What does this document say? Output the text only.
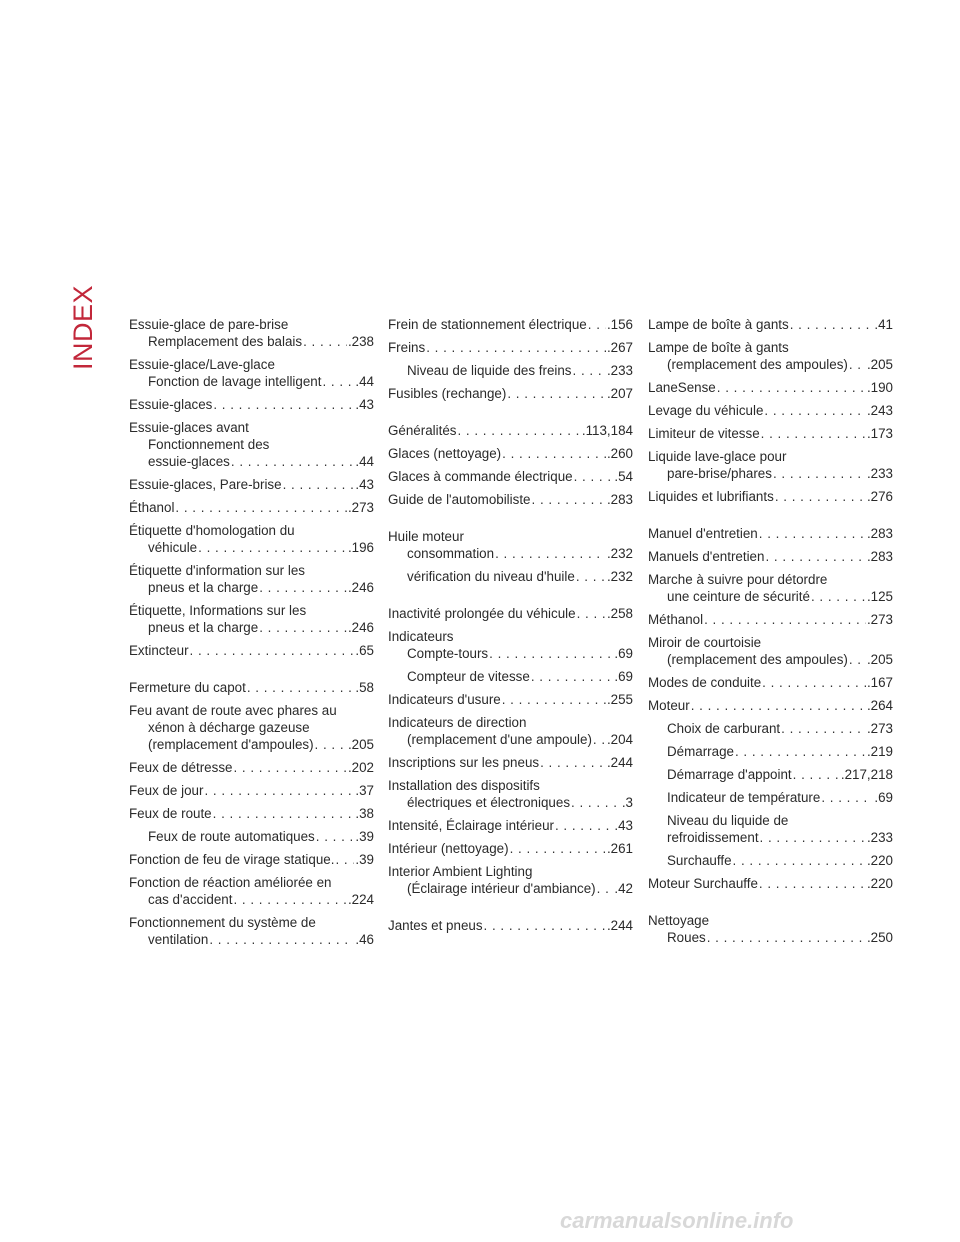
INDEX Essuie-glace de pare-brise
Remplacement des balais . . .	.238
Essuie-glace/Lave-glace
Fonction de lavage intelligent . . .	.44
Essuie-glaces . . .	.43
Essuie-glaces avant
Fonctionnement des
essuie-glaces . . .	.44
Essuie-glaces, Pare-brise . . .	.43
Éthanol . . .	.273
Étiquette d'homologation du
véhicule . . .	.196
Étiquette d'information sur les
pneus et la charge . . .	.246
Étiquette, Informations sur les
pneus et la charge . . .	.246
Extincteur . . .	.65
Fermeture du capot . . .	.58
Feu avant de route avec phares au
xénon à décharge gazeuse
(remplacement d'ampoules) . . .	.205
Feux de détresse . . .	.202
Feux de jour . . .	.37
Feux de route . . .	.38
Feux de route automatiques . . .	.39
Fonction de feu de virage statique. . . . .39
Fonction de réaction améliorée en
cas d'accident . . .	.224
Fonctionnement du système de
ventilation . . .	.46
Frein de stationnement électrique . . . .156
Freins . . .	.267
Niveau de liquide des freins . . .	.233
Fusibles (rechange) . . .	.207
Généralités . . .	.113,184
Glaces (nettoyage) . . .	.260
Glaces à commande électrique . . .	.54
Guide de l'automobiliste . . .	.283
Huile moteur
consommation . . .	.232
vérification du niveau d'huile . . . .232
Inactivité prolongée du véhicule . . . .258
Indicateurs
Compte-tours . . .	.69
Compteur de vitesse . . .	.69
Indicateurs d'usure . . .	.255
Indicateurs de direction
(remplacement d'une ampoule) . . . .204
Inscriptions sur les pneus . . .	.244
Installation des dispositifs
électriques et électroniques . . .	.3
Intensité, Éclairage intérieur . . .	.43
Intérieur (nettoyage) . . .	.261
Interior Ambient Lighting
(Éclairage intérieur d'ambiance) . . . .42
Jantes et pneus . . .	.244
Lampe de boîte à gants . . .	.41
Lampe de boîte à gants
(remplacement des ampoules) . . . .205
LaneSense . . .	.190
Levage du véhicule . . .	.243
Limiteur de vitesse . . .	.173
Liquide lave-glace pour
pare-brise/phares . . .	.233
Liquides et lubrifiants . . .	.276
Manuel d'entretien . . .	.283
Manuels d'entretien . . .	.283
Marche à suivre pour détordre
une ceinture de sécurité . . .	.125
Méthanol . . .	.273
Miroir de courtoisie
(remplacement des ampoules) . . . .205
Modes de conduite . . .	.167
Moteur . . .	.264
Choix de carburant . . .	.273
Démarrage . . .	.219
Démarrage d'appoint . . .	.217,218
Indicateur de température . . .	.69
Niveau du liquide de
refroidissement . . .	.233
Surchauffe . . .	.220
Moteur Surchauffe . . .	.220
Nettoyage
Roues . . .	.250
carmanualsonline.info
